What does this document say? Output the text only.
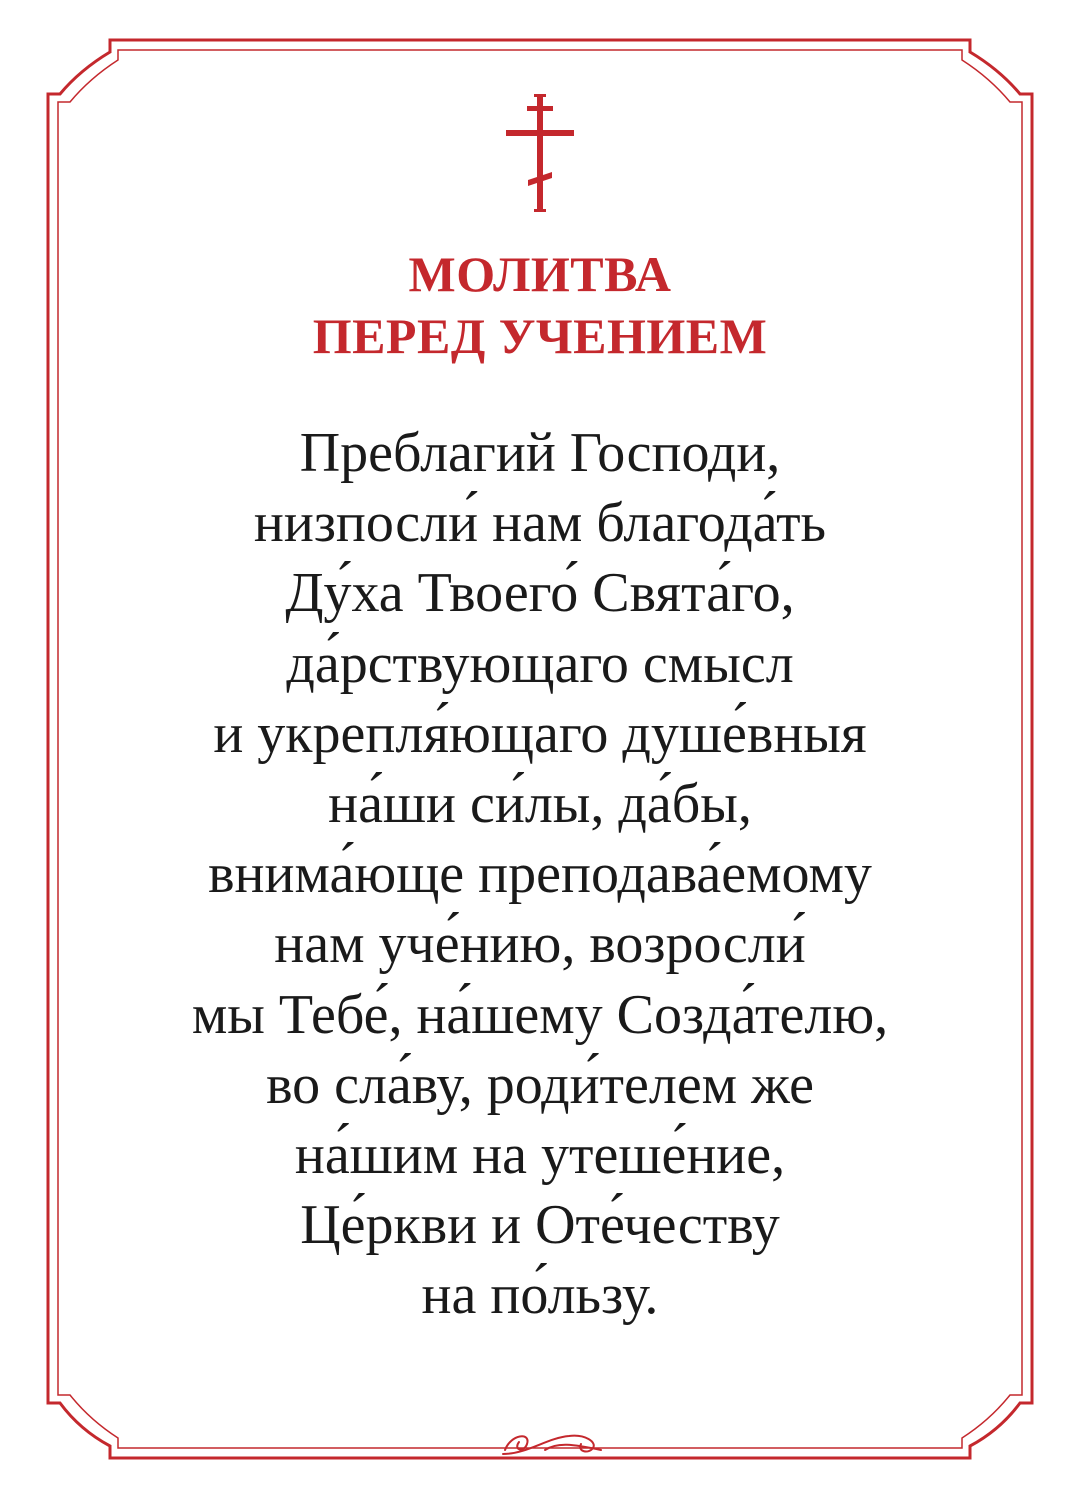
МОЛИТВА
ПЕРЕД УЧЕНИЕМ
Преблагий Господи,
низпосли́ нам благода́ть
Ду́ха Твоего́ Свята́го,
да́рствующаго смысл
и укрепля́ющаго душе́вныя
на́ши си́лы, да́бы,
внима́юще преподава́емому
нам уче́нию, возросли́
мы Тебе́, на́шему Созда́телю,
во сла́ву, роди́телем же
на́шим на утеше́ние,
Це́ркви и Оте́честву
на по́льзу.
